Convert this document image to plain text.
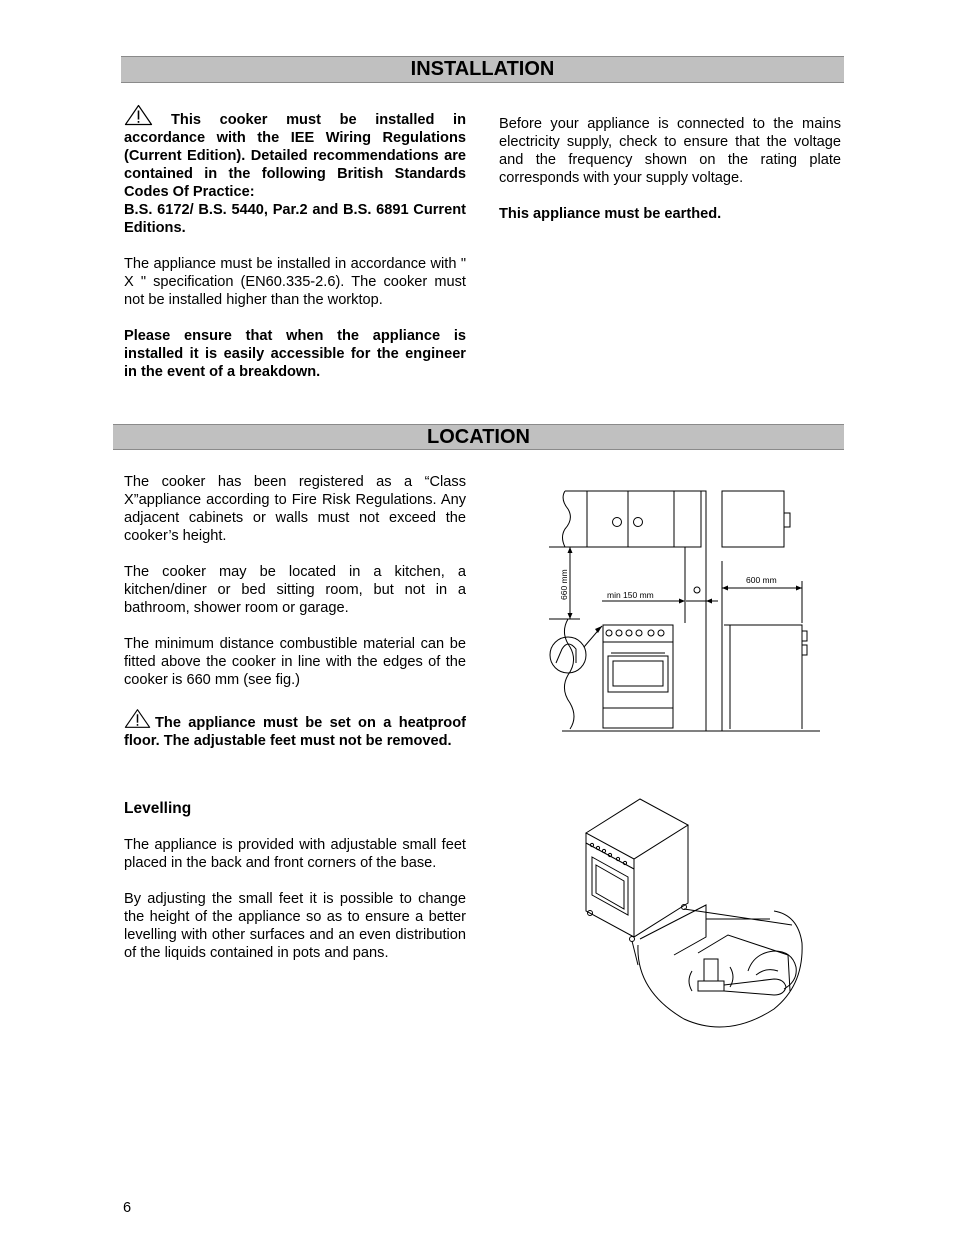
INSTALLATION

This cooker must be installed in accordance with the IEE Wiring Regulations (Current Edition). Detailed recommendations are contained in the following British Standards Codes Of Practice:

B.S. 6172/ B.S. 5440, Par.2 and B.S. 6891 Current Editions.

The appliance must be installed in accordance with " X " specification (EN60.335-2.6). The cooker must not be installed higher than the worktop.

Please ensure that when the appliance is installed it is easily accessible for the engineer in the event of a breakdown.

Before your appliance is connected to the mains electricity supply, check to ensure that the voltage and the frequency shown on the rating plate corresponds with your supply voltage.

This appliance must be earthed.

LOCATION

The cooker has been registered as a “Class X”appliance according to Fire Risk Regulations. Any adjacent cabinets or walls must not exceed the cooker’s height.

The cooker may be located in a kitchen, a kitchen/diner or bed sitting room, but not in a bathroom, shower room or garage.

The minimum distance combustible material can be fitted above the cooker in line with the edges of the cooker is 660 mm (see fig.)

The appliance must be set on a heatproof floor. The adjustable feet must not be removed.

Levelling

The appliance is provided with adjustable small feet placed in the back and front corners of the base.

By adjusting the small feet it is possible to change the height of the appliance so as to ensure a better levelling with other surfaces and an even distribution of the liquids contained in pots and pans.

660 mm	min 150 mm
600 mm
6
